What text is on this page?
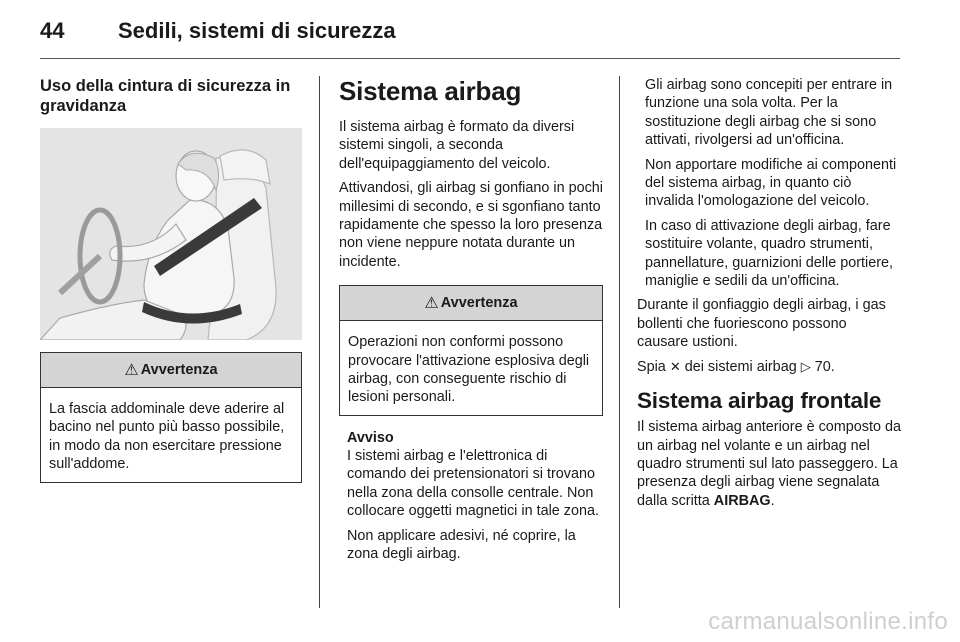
44 Sedili, sistemi di sicurezza
Uso della cintura di sicurezza in gravidanza
⚠ Avvertenza

La fascia addominale deve aderire al bacino nel punto più basso possibile, in modo da non esercitare pressione sull'addome.

Sistema airbag

Il sistema airbag è formato da diversi sistemi singoli, a seconda dell'equipaggiamento del veicolo.

Attivandosi, gli airbag si gonfiano in pochi millesimi di secondo, e si sgonfiano tanto rapidamente che spesso la loro presenza non viene neppure notata durante un incidente.

⚠ Avvertenza

Operazioni non conformi possono provocare l'attivazione esplosiva degli airbag, con conseguente rischio di lesioni personali.

Avviso

I sistemi airbag e l'elettronica di comando dei pretensionatori si trovano nella zona della consolle centrale. Non collocare oggetti magnetici in tale zona.

Non applicare adesivi, né coprire, la zona degli airbag.

Gli airbag sono concepiti per entrare in funzione una sola volta. Per la sostituzione degli airbag che si sono attivati, rivolgersi ad un'officina.

Non apportare modifiche ai componenti del sistema airbag, in quanto ciò invalida l'omologazione del veicolo.

In caso di attivazione degli airbag, fare sostituire volante, quadro strumenti, pannellature, guarnizioni delle portiere, maniglie e sedili da un'officina.

Durante il gonfiaggio degli airbag, i gas bollenti che fuoriescono possono causare ustioni.

Spia ✕ dei sistemi airbag ▷ 70.

Sistema airbag frontale

Il sistema airbag anteriore è composto da un airbag nel volante e un airbag nel quadro strumenti sul lato passeggero. La presenza degli airbag viene segnalata dalla scritta AIRBAG.

carmanualsonline.info
